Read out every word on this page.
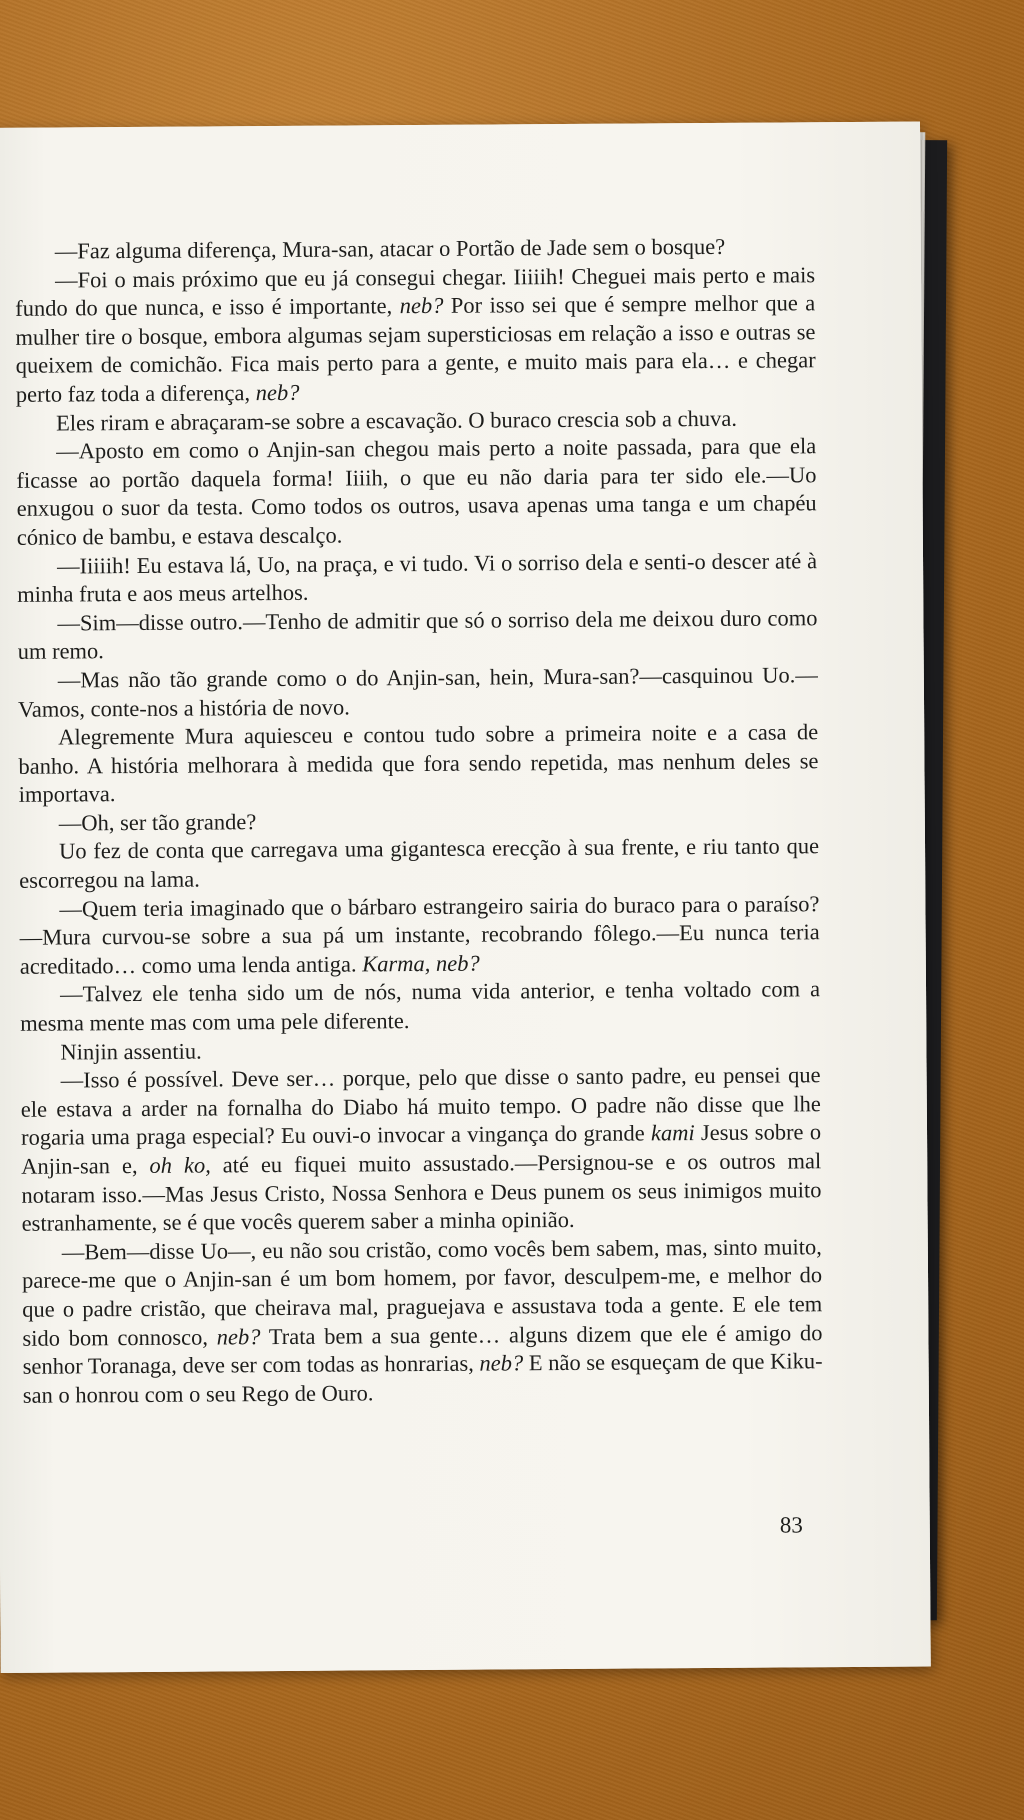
—Faz alguma diferença, Mura-san, atacar o Portão de Jade sem o bosque?

—Foi o mais próximo que eu já consegui chegar. Iiiiih! Cheguei mais perto e mais fundo do que nunca, e isso é importante, neb? Por isso sei que é sempre melhor que a mulher tire o bosque, embora algumas sejam supersticiosas em relação a isso e outras se queixem de comichão. Fica mais perto para a gente, e muito mais para ela… e chegar perto faz toda a diferença, neb?

Eles riram e abraçaram-se sobre a escavação. O buraco crescia sob a chuva.

—Aposto em como o Anjin-san chegou mais perto a noite passada, para que ela ficasse ao portão daquela forma! Iiiih, o que eu não daria para ter sido ele.—Uo enxugou o suor da testa. Como todos os outros, usava apenas uma tanga e um chapéu cónico de bambu, e estava descalço.

—Iiiiih! Eu estava lá, Uo, na praça, e vi tudo. Vi o sorriso dela e senti-o descer até à minha fruta e aos meus artelhos.

—Sim—disse outro.—Tenho de admitir que só o sorriso dela me deixou duro como um remo.

—Mas não tão grande como o do Anjin-san, hein, Mura-san?—casquinou Uo.—Vamos, conte-nos a história de novo.

Alegremente Mura aquiesceu e contou tudo sobre a primeira noite e a casa de banho. A história melhorara à medida que fora sendo repetida, mas nenhum deles se importava.

—Oh, ser tão grande?

Uo fez de conta que carregava uma gigantesca erecção à sua frente, e riu tanto que escorregou na lama.

—Quem teria imaginado que o bárbaro estrangeiro sairia do buraco para o paraíso?—Mura curvou-se sobre a sua pá um instante, recobrando fôlego.—Eu nunca teria acreditado… como uma lenda antiga. Karma, neb?

—Talvez ele tenha sido um de nós, numa vida anterior, e tenha voltado com a mesma mente mas com uma pele diferente.

Ninjin assentiu.

—Isso é possível. Deve ser… porque, pelo que disse o santo padre, eu pensei que ele estava a arder na fornalha do Diabo há muito tempo. O padre não disse que lhe rogaria uma praga especial? Eu ouvi-o invocar a vingança do grande kami Jesus sobre o Anjin-san e, oh ko, até eu fiquei muito assustado.—Persignou-se e os outros mal notaram isso.—Mas Jesus Cristo, Nossa Senhora e Deus punem os seus inimigos muito estranhamente, se é que vocês querem saber a minha opinião.

—Bem—disse Uo—, eu não sou cristão, como vocês bem sabem, mas, sinto muito, parece-me que o Anjin-san é um bom homem, por favor, desculpem-me, e melhor do que o padre cristão, que cheirava mal, praguejava e assustava toda a gente. E ele tem sido bom connosco, neb? Trata bem a sua gente… alguns dizem que ele é amigo do senhor Toranaga, deve ser com todas as honrarias, neb? E não se esqueçam de que Kiku-san o honrou com o seu Rego de Ouro.

83
